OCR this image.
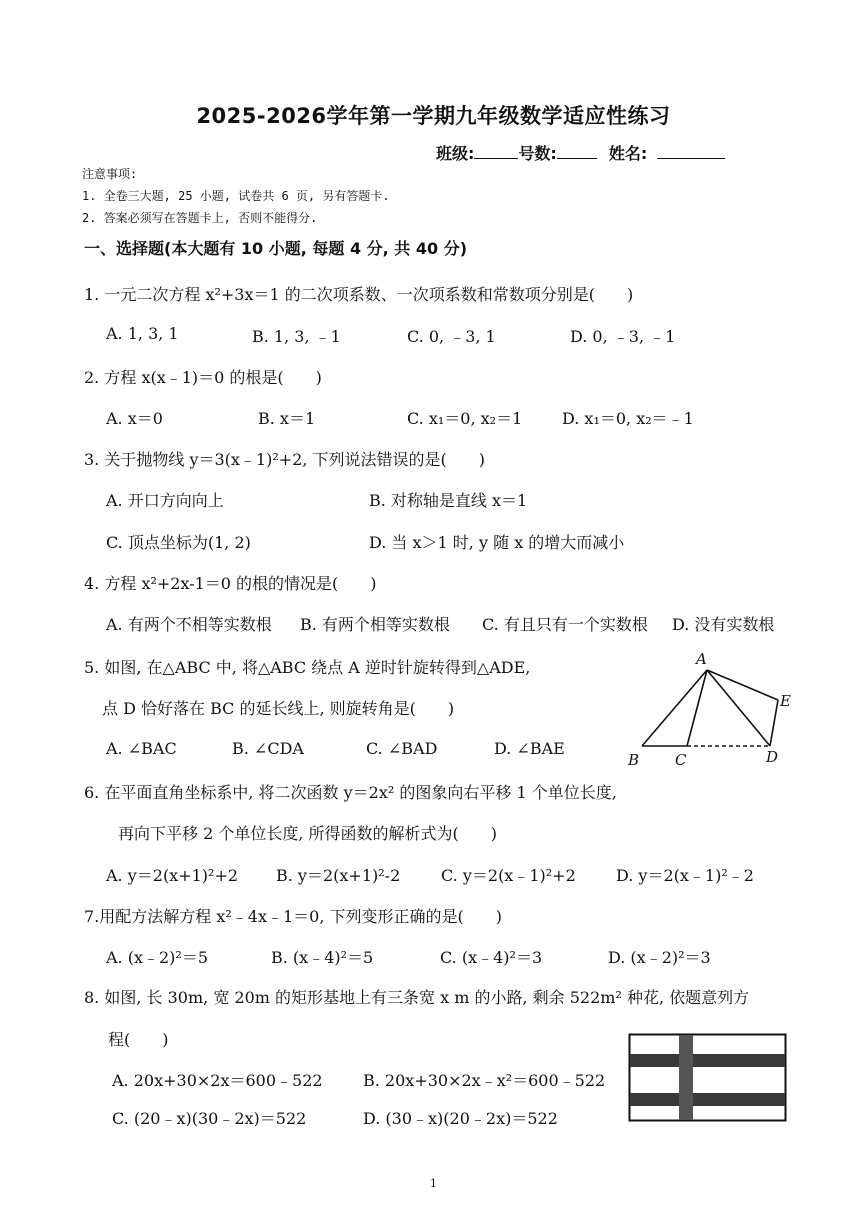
2025-2026学年第一学期九年级数学适应性练习
班级:	号数:	姓名:
注意事项:
1. 全卷三大题, 25 小题, 试卷共 6 页, 另有答题卡.
2. 答案必须写在答题卡上, 否则不能得分.
一、选择题(本大题有 10 小题, 每题 4 分, 共 40 分)
1. 一元二次方程 x²+3x＝1 的二次项系数、一次项系数和常数项分别是(　　)
A. 1, 3, 1	B. 1, 3, ﹣1	C. 0, ﹣3, 1	D. 0, ﹣3, ﹣1
2. 方程 x(x﹣1)＝0 的根是(　　)
A. x＝0	B. x＝1	C. x₁＝0, x₂＝1 D. x₁＝0, x₂＝﹣1
3. 关于抛物线 y＝3(x﹣1)²+2, 下列说法错误的是(　　)
A. 开口方向向上	B. 对称轴是直线 x＝1
C. 顶点坐标为(1, 2)	D. 当 x＞1 时, y 随 x 的增大而减小
4. 方程 x²+2x-1＝0 的根的情况是(　　)
A. 有两个不相等实数根 B. 有两个相等实数根 C. 有且只有一个实数根 D. 没有实数根
5. 如图, 在△ABC 中, 将△ABC 绕点 A 逆时针旋转得到△ADE,
点 D 恰好落在 BC 的延长线上, 则旋转角是(　　)
A. ∠BAC	B. ∠CDA	C. ∠BAD	D. ∠BAE
A
B C	D
E
6. 在平面直角坐标系中, 将二次函数 y＝2x² 的图象向右平移 1 个单位长度,
再向下平移 2 个单位长度, 所得函数的解析式为(　　)
A. y＝2(x+1)²+2 B. y＝2(x+1)²-2	C. y＝2(x﹣1)²+2	D. y＝2(x﹣1)²﹣2
7.用配方法解方程 x²﹣4x﹣1＝0, 下列变形正确的是(　　)
A. (x﹣2)²＝5	B. (x﹣4)²＝5	C. (x﹣4)²＝3	D. (x﹣2)²＝3
8. 如图, 长 30m, 宽 20m 的矩形基地上有三条宽 x m 的小路, 剩余 522m² 种花, 依题意列方
程(　　)
A. 20x+30×2x＝600﹣522	B. 20x+30×2x﹣x²＝600﹣522
C. (20﹣x)(30﹣2x)＝522	D. (30﹣x)(20﹣2x)＝522
1
